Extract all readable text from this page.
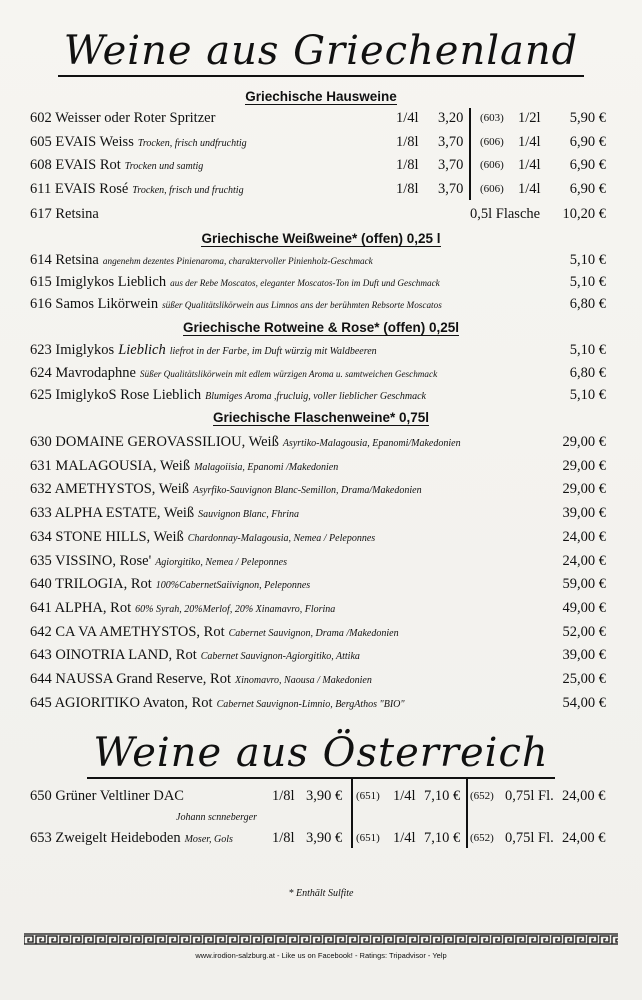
Weine aus Griechenland
Griechische Hausweine
602 Weisser oder Roter Spritzer	1/4l 3,20 (603) 1/2l 5,90 €
605 EVAIS Weiss Trocken, frisch undfruchtig	1/8l 3,70 (606) 1/4l 6,90 €
608 EVAIS Rot Trocken und samtig	1/8l 3,70 (606) 1/4l 6,90 €
611 EVAIS Rosé Trocken, frisch und fruchtig	1/8l 3,70 (606) 1/4l 6,90 €
617 Retsina	0,5l Flasche 10,20 €
Griechische Weißweine* (offen) 0,25 l
614 Retsina angenehm dezentes Pinienaroma, charaktervoller Pinienholz-Geschmack	5,10 €
615 Imiglykos Lieblich aus der Rebe Moscatos, eleganter Moscatos-Ton im Duft und Geschmack	5,10 €
616 Samos Likörwein süßer Qualitätslikörwein aus Limnos ans der berühmten Rebsorte Moscatos	6,80 €
Griechische Rotweine & Rose* (offen) 0,25l
623 Imiglykos Lieblich liefrot in der Farbe, im Duft würzig mit Waldbeeren	5,10 €
624 Mavrodaphne Süßer Qualitätslikörwein mit edlem würzigen Aroma u. samtweichen Geschmack	6,80 €
625 ImiglykoS Rose Lieblich Blumiges Aroma ,frucluig, voller lieblicher Geschmack	5,10 €
Griechische Flaschenweine* 0,75l
630 DOMAINE GEROVASSILIOU, Weiß Asyrtiko-Malagousia, Epanomi/Makedonien	29,00 €
631 MALAGOUSIA, Weiß Malagoiisia, Epanomi /Makedonien	29,00 €
632 AMETHYSTOS, Weiß Asyrfiko-Sauvignon Blanc-Semillon, Drama/Makedonien	29,00 €
633 ALPHA ESTATE, Weiß Sauvignon Blanc, Fhrina	39,00 €
634 STONE HILLS, Weiß Chardonnay-Malagousia, Nemea / Peleponnes	24,00 €
635 VISSINO, Rose' Agiorgitiko, Nemea / Peleponnes	24,00 €
640 TRILOGIA, Rot 100%CabernetSaiivignon, Peleponnes	59,00 €
641 ALPHA, Rot 60% Syrah, 20%Merlof, 20% Xinamavro, Florina	49,00 €
642 CA VA AMETHYSTOS, Rot Cabernet Sauvignon, Drama /Makedonien	52,00 €
643 OINOTRIA LAND, Rot Cabernet Sauvignon-Agiorgitiko, Attika	39,00 €
644 NAUSSA Grand Reserve, Rot Xinomavro, Naousa / Makedonien	25,00 €
645 AGIORITIKO Avaton, Rot Cabernet Sauvignon-Limnio, BergAthos "BIO"	54,00 €
Weine aus Österreich
650 Grüner Veltliner DAC	1/8l 3,90 € (651) 1/4l 7,10 € (652) 0,75l Fl. 24,00 €
653 Zweigelt Heideboden Moser, Gols	1/8l 3,90 € (651) 1/4l 7,10 € (652) 0,75l Fl. 24,00 €
Johann scnneberger
* Enthält Sulfite
www.irodion-salzburg.at - Like us on Facebook! - Ratings: Tripadvisor - Yelp
